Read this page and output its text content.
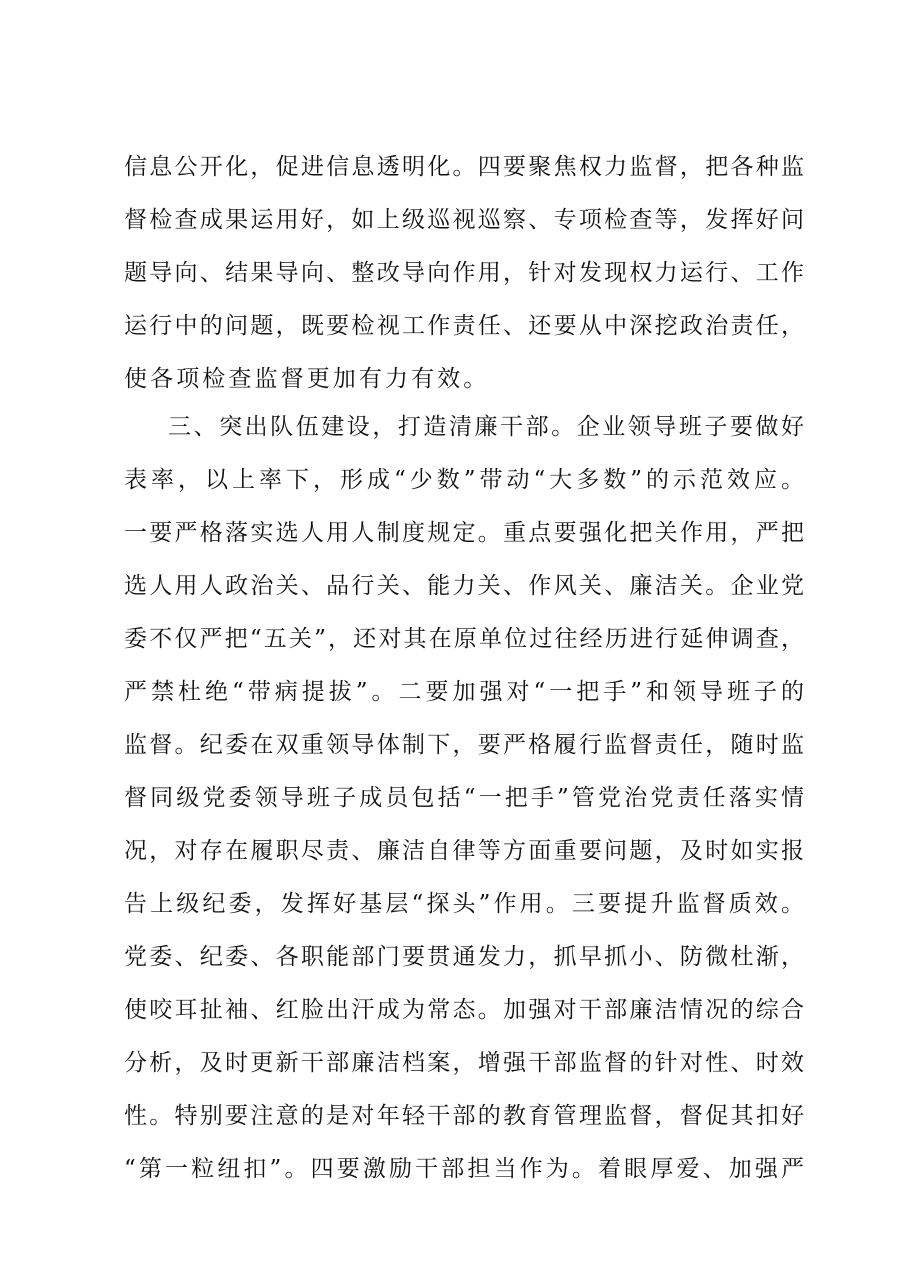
信息公开化，促进信息透明化。四要聚焦权力监督，把各种监
督检查成果运用好，如上级巡视巡察、专项检查等，发挥好问
题导向、结果导向、整改导向作用，针对发现权力运行、工作
运行中的问题，既要检视工作责任、还要从中深挖政治责任，
使各项检查监督更加有力有效。
三、突出队伍建设，打造清廉干部。企业领导班子要做好
表率，以上率下，形成“少数”带动“大多数”的示范效应。
一要严格落实选人用人制度规定。重点要强化把关作用，严把
选人用人政治关、品行关、能力关、作风关、廉洁关。企业党
委不仅严把“五关”，还对其在原单位过往经历进行延伸调查，
严禁杜绝“带病提拔”。二要加强对“一把手”和领导班子的
监督。纪委在双重领导体制下，要严格履行监督责任，随时监
督同级党委领导班子成员包括“一把手”管党治党责任落实情
况，对存在履职尽责、廉洁自律等方面重要问题，及时如实报
告上级纪委，发挥好基层“探头”作用。三要提升监督质效。
党委、纪委、各职能部门要贯通发力，抓早抓小、防微杜渐，
使咬耳扯袖、红脸出汗成为常态。加强对干部廉洁情况的综合
分析，及时更新干部廉洁档案，增强干部监督的针对性、时效
性。特别要注意的是对年轻干部的教育管理监督，督促其扣好
“第一粒纽扣”。四要激励干部担当作为。着眼厚爱、加强严
